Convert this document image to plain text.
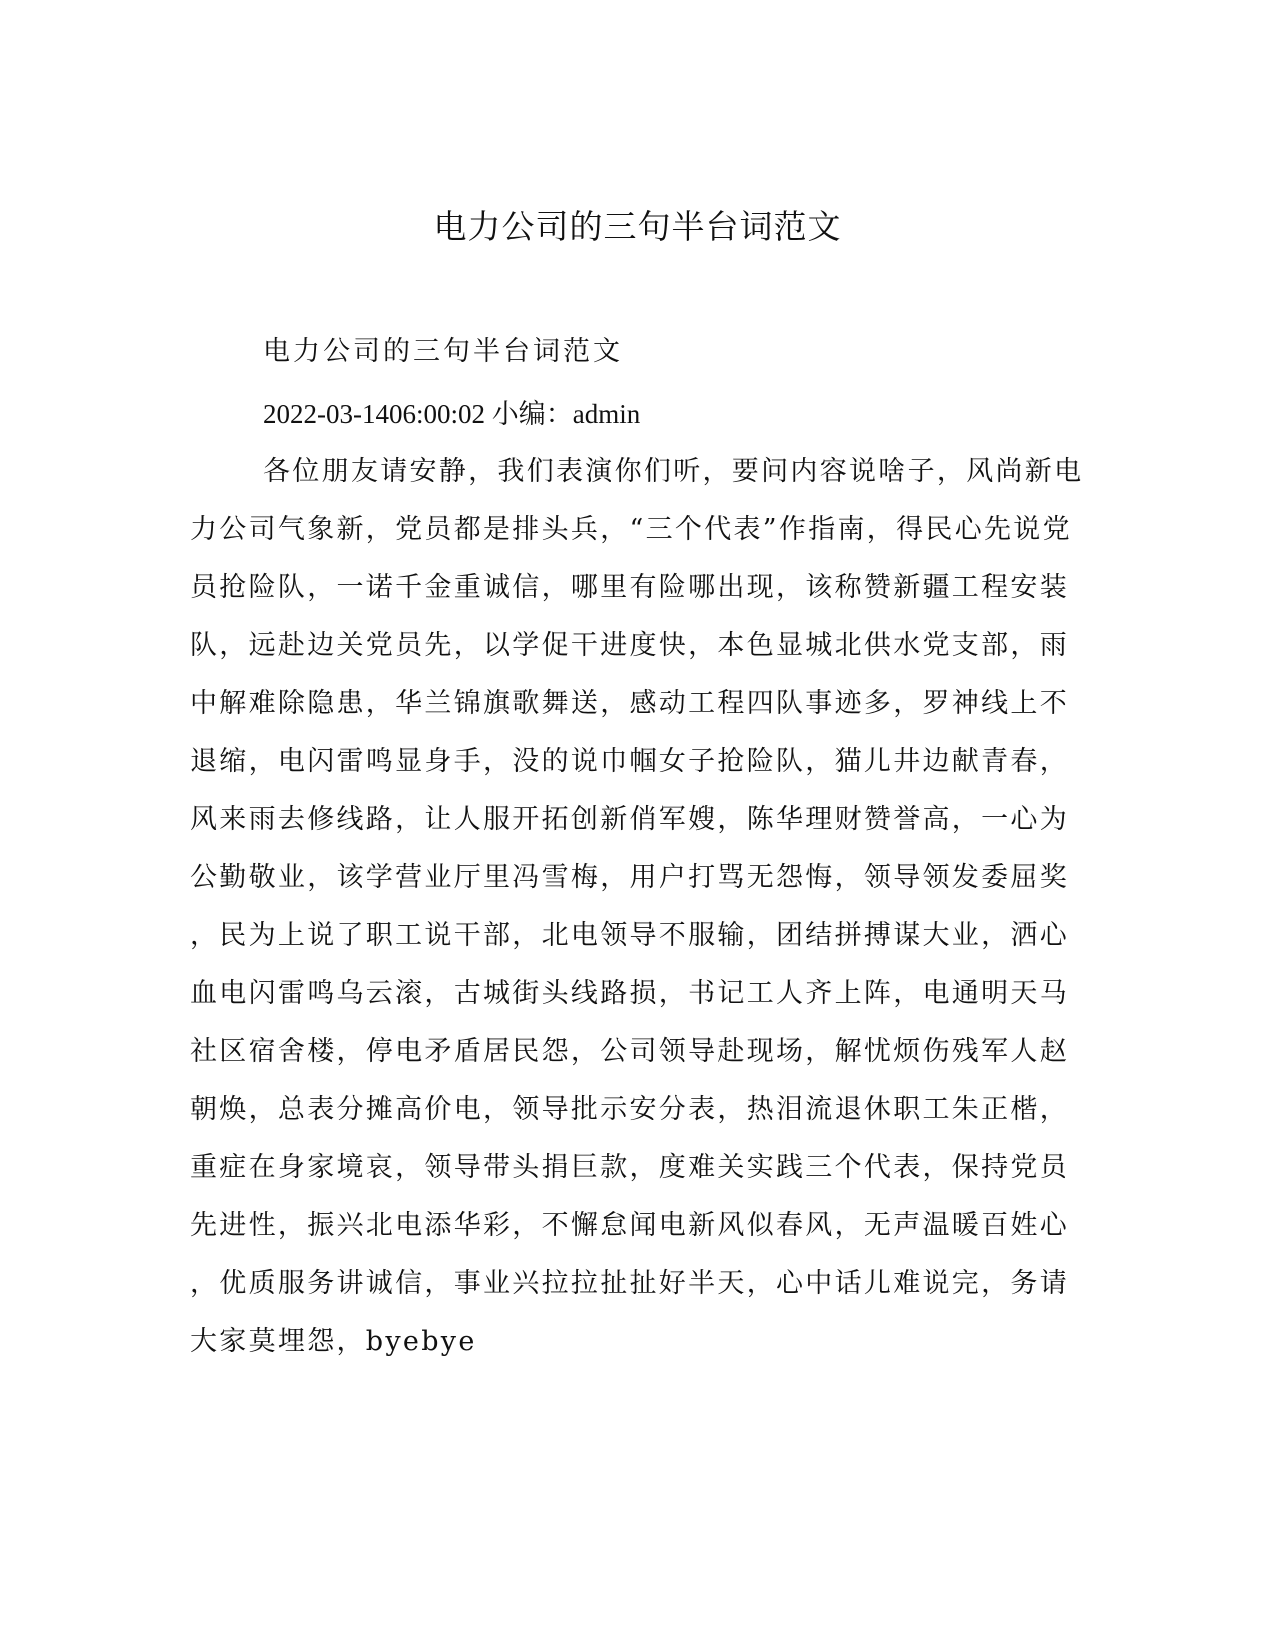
电力公司的三句半台词范文
电力公司的三句半台词范文
2022-03-1406:00:02 小编：admin
各位朋友请安静，我们表演你们听，要问内容说啥子，风尚新电
力公司气象新，党员都是排头兵，“三个代表”作指南，得民心先说党
员抢险队，一诺千金重诚信，哪里有险哪出现，该称赞新疆工程安装
队，远赴边关党员先，以学促干进度快，本色显城北供水党支部，雨
中解难除隐患，华兰锦旗歌舞送，感动工程四队事迹多，罗神线上不
退缩，电闪雷鸣显身手，没的说巾帼女子抢险队，猫儿井边献青春，
风来雨去修线路，让人服开拓创新俏军嫂，陈华理财赞誉高，一心为
公勤敬业，该学营业厅里冯雪梅，用户打骂无怨悔，领导领发委屈奖
，民为上说了职工说干部，北电领导不服输，团结拼搏谋大业，洒心
血电闪雷鸣乌云滚，古城街头线路损，书记工人齐上阵，电通明天马
社区宿舍楼，停电矛盾居民怨，公司领导赴现场，解忧烦伤残军人赵
朝焕，总表分摊高价电，领导批示安分表，热泪流退休职工朱正楷，
重症在身家境哀，领导带头捐巨款，度难关实践三个代表，保持党员
先进性，振兴北电添华彩，不懈怠闻电新风似春风，无声温暖百姓心
，优质服务讲诚信，事业兴拉拉扯扯好半天，心中话儿难说完，务请
大家莫埋怨，byebye
